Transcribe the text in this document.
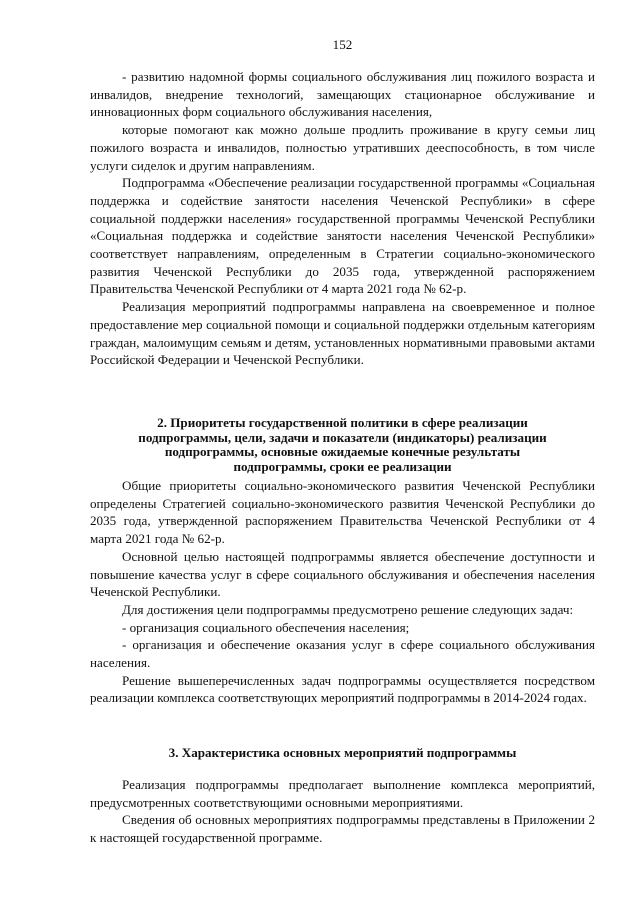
152

- развитию надомной формы социального обслуживания лиц пожилого возраста и инвалидов, внедрение технологий, замещающих стационарное обслуживание и инновационных форм социального обслуживания населения,

которые помогают как можно дольше продлить проживание в кругу семьи лиц пожилого возраста и инвалидов, полностью утративших дееспособность, в том числе услуги сиделок и другим направлениям.

Подпрограмма «Обеспечение реализации государственной программы «Социальная поддержка и содействие занятости населения Чеченской Республики» в сфере социальной поддержки населения» государственной программы Чеченской Республики «Социальная поддержка и содействие занятости населения Чеченской Республики» соответствует направлениям, определенным в Стратегии социально-экономического развития Чеченской Республики до 2035 года, утвержденной распоряжением Правительства Чеченской Республики от 4 марта 2021 года № 62-р.

Реализация мероприятий подпрограммы направлена на своевременное и полное предоставление мер социальной помощи и социальной поддержки отдельным категориям граждан, малоимущим семьям и детям, установленных нормативными правовыми актами Российской Федерации и Чеченской Республики.

2. Приоритеты государственной политики в сфере реализации
подпрограммы, цели, задачи и показатели (индикаторы) реализации
подпрограммы, основные ожидаемые конечные результаты
подпрограммы, сроки ее реализации

Общие приоритеты социально-экономического развития Чеченской Республики определены Стратегией социально-экономического развития Чеченской Республики до 2035 года, утвержденной распоряжением Правительства Чеченской Республики от 4 марта 2021 года № 62-р.

Основной целью настоящей подпрограммы является обеспечение доступности и повышение качества услуг в сфере социального обслуживания и обеспечения населения Чеченской Республики.

Для достижения цели подпрограммы предусмотрено решение следующих задач:

- организация социального обеспечения населения;

- организация и обеспечение оказания услуг в сфере социального обслуживания населения.

Решение вышеперечисленных задач подпрограммы осуществляется посредством реализации комплекса соответствующих мероприятий подпрограммы в 2014-2024 годах.

3. Характеристика основных мероприятий подпрограммы

Реализация подпрограммы предполагает выполнение комплекса мероприятий, предусмотренных соответствующими основными мероприятиями.

Сведения об основных мероприятиях подпрограммы представлены в Приложении 2 к настоящей государственной программе.
